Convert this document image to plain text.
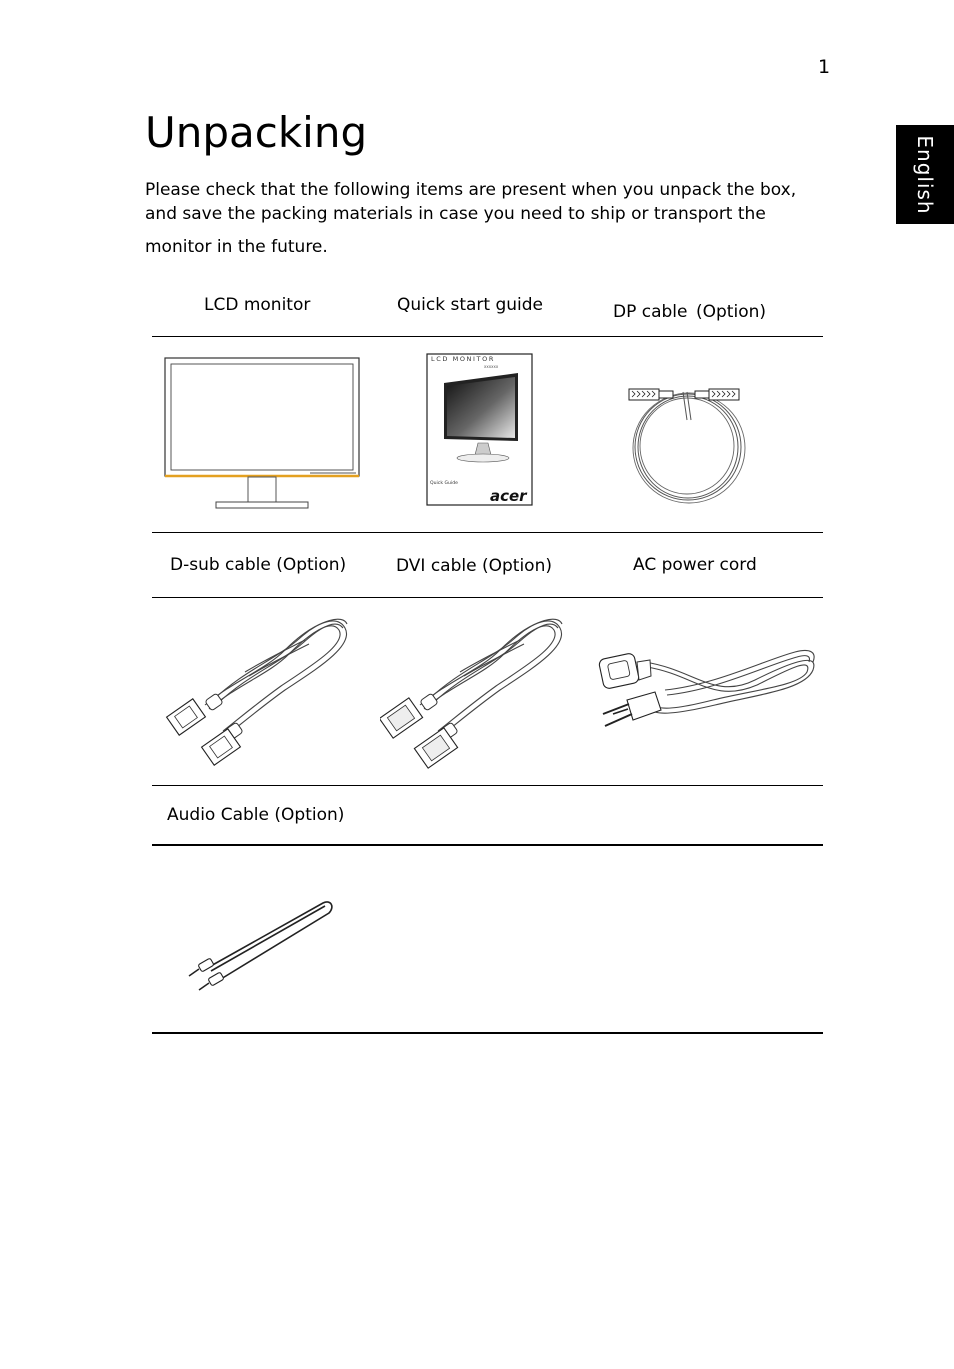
1
English
Unpacking

Please check that the following items are present when you unpack the box,
and save the packing materials in case you need to ship or transport the
monitor in the future.

LCD monitor	Quick start guide	DP cable (Option)
LCD MONITOR
xxxxxx
Quick Guide
acer
D-sub cable (Option)	DVI cable (Option)	AC power cord
Audio Cable (Option)
